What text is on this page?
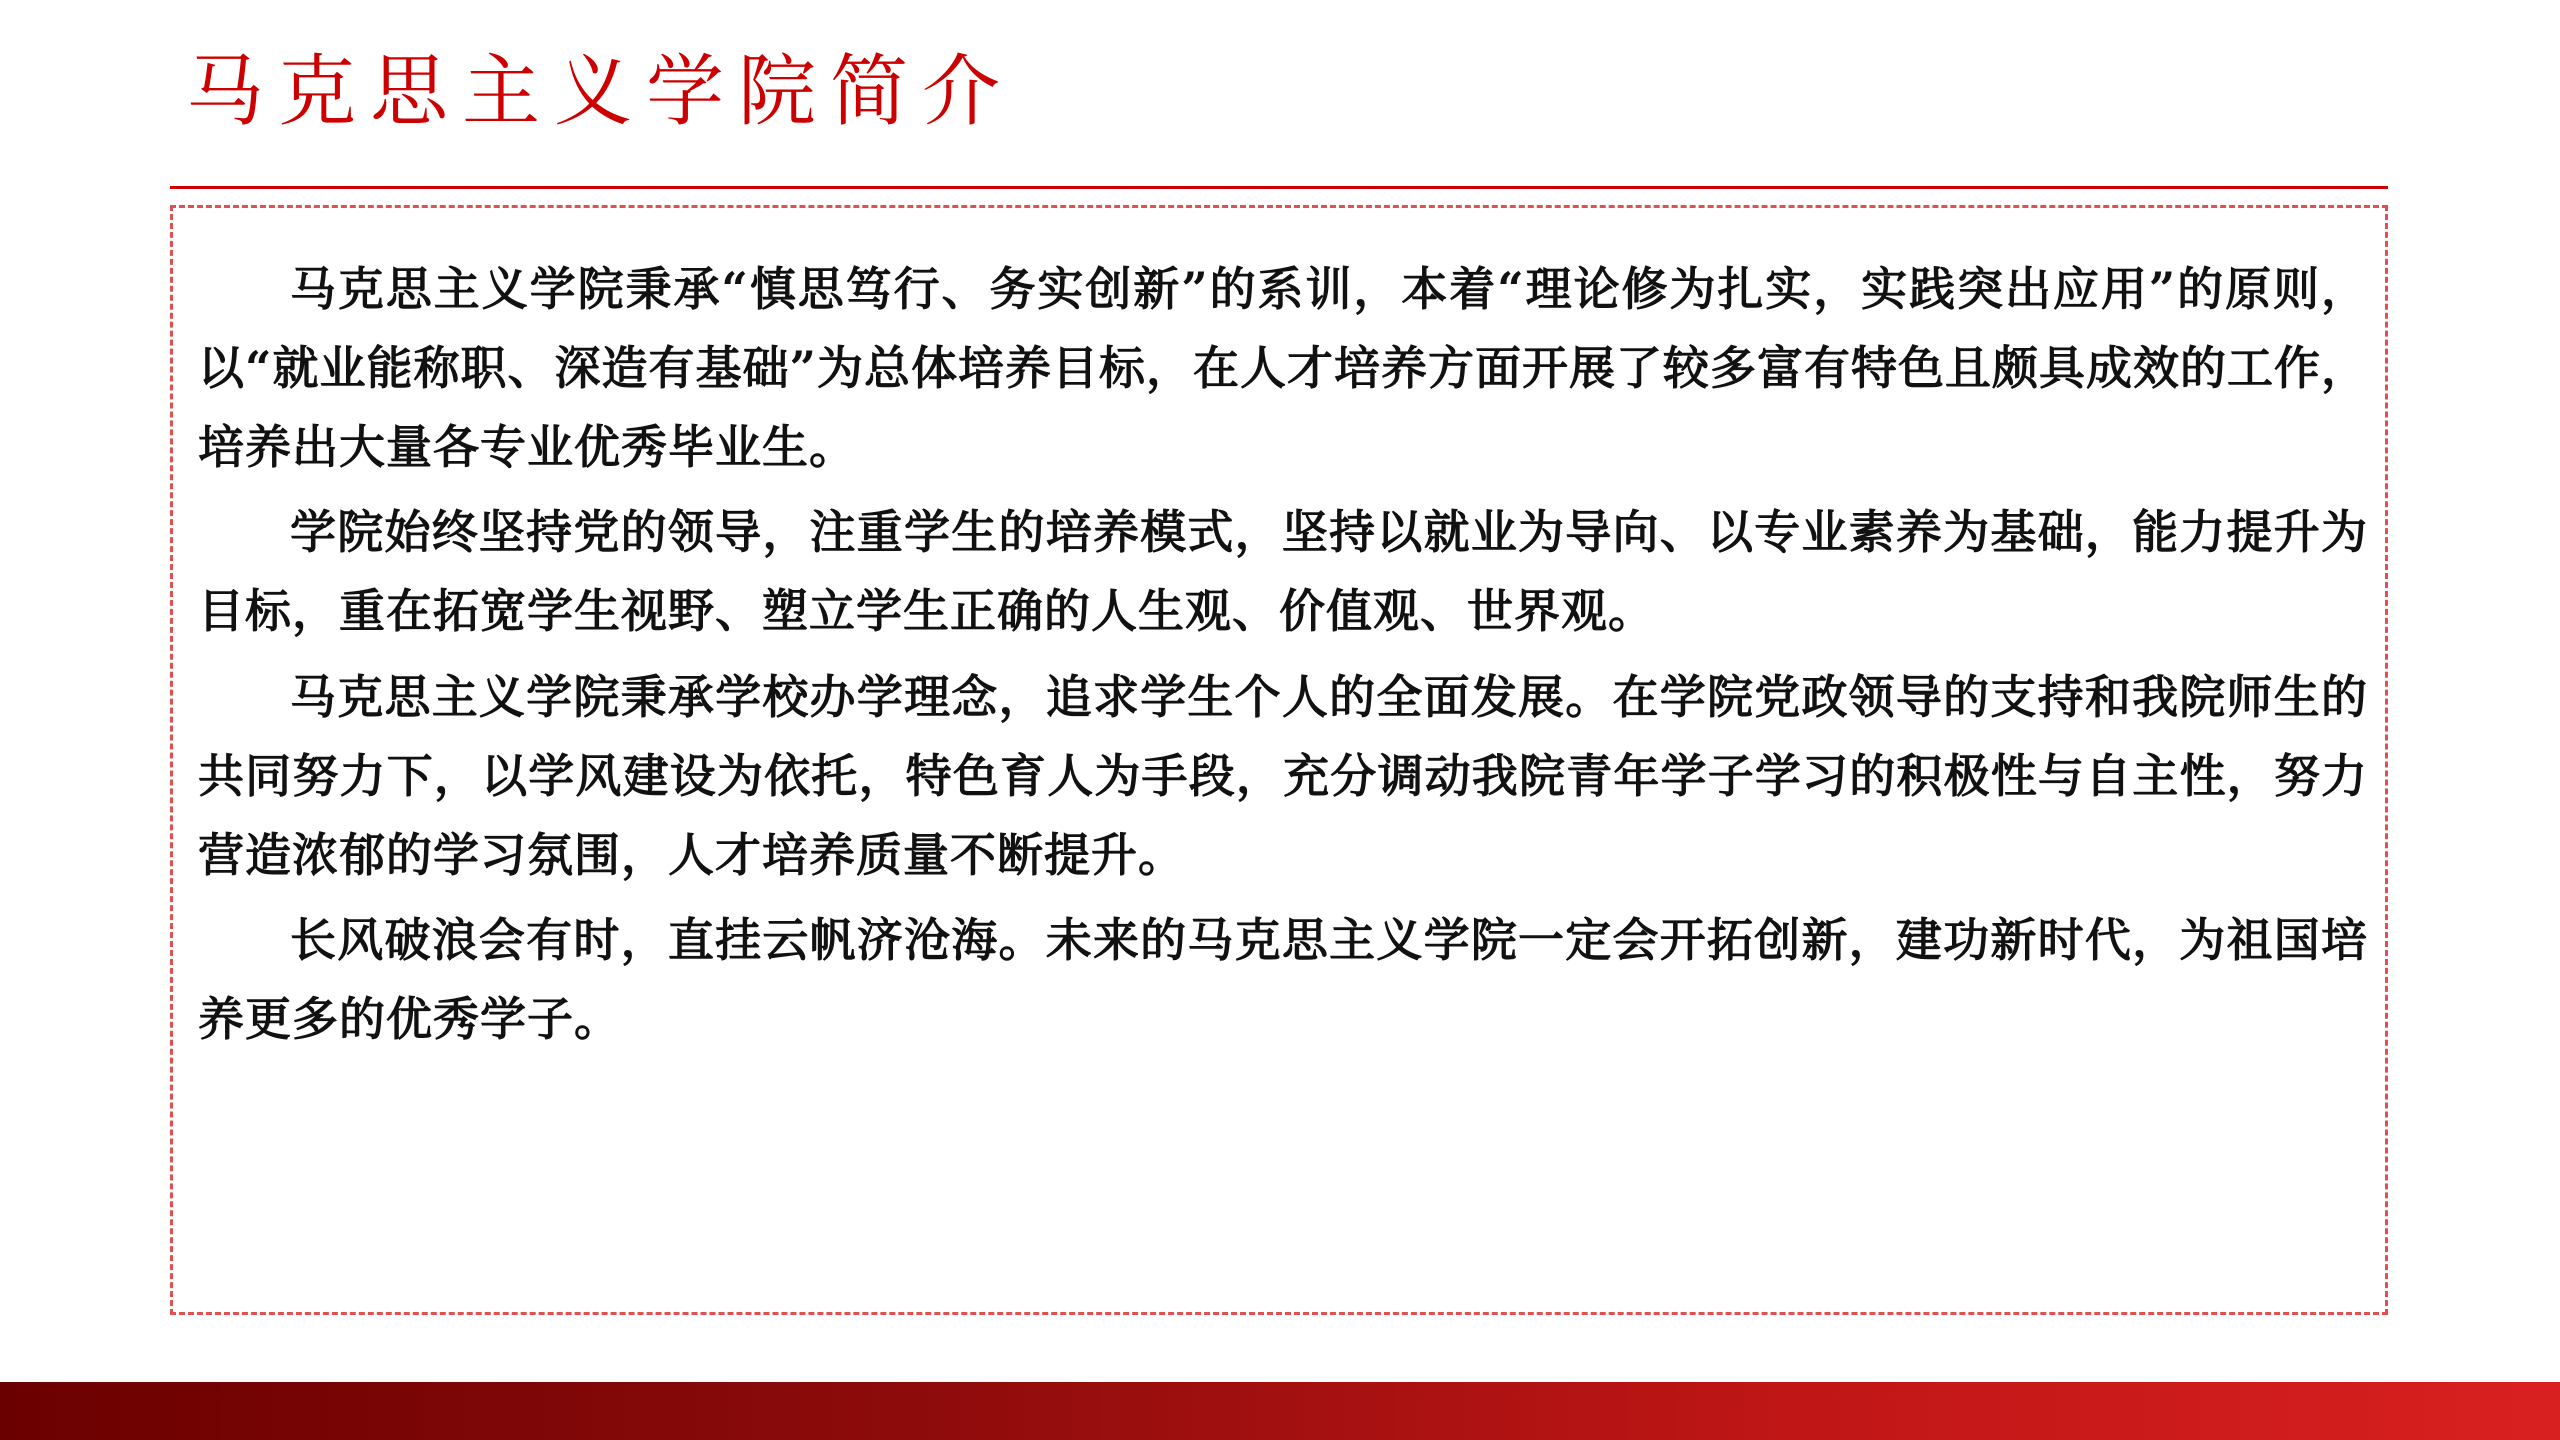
马克思主义学院简介

马克思主义学院秉承“慎思笃行、务实创新”的系训，本着“理论修为扎实，实践突出应用”的原则，以“就业能称职、深造有基础”为总体培养目标，在人才培养方面开展了较多富有特色且颇具成效的工作，培养出大量各专业优秀毕业生。

学院始终坚持党的领导，注重学生的培养模式，坚持以就业为导向、以专业素养为基础，能力提升为目标，重在拓宽学生视野、塑立学生正确的人生观、价值观、世界观。

马克思主义学院秉承学校办学理念，追求学生个人的全面发展。在学院党政领导的支持和我院师生的共同努力下，以学风建设为依托，特色育人为手段，充分调动我院青年学子学习的积极性与自主性，努力营造浓郁的学习氛围，人才培养质量不断提升。

长风破浪会有时，直挂云帆济沧海。未来的马克思主义学院一定会开拓创新，建功新时代，为祖国培养更多的优秀学子。
